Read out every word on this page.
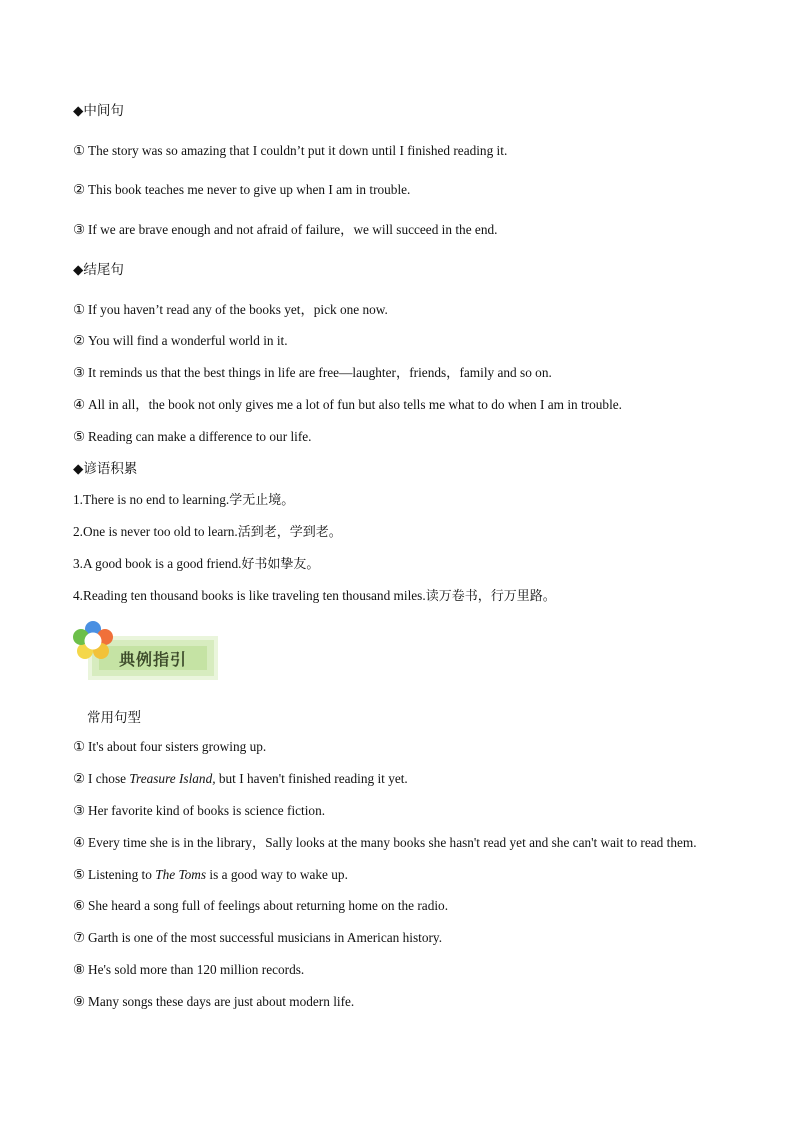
◆中间句
① The story was so amazing that I couldn’t put it down until I finished reading it.
② This book teaches me never to give up when I am in trouble.
③ If we are brave enough and not afraid of failure，we will succeed in the end.
◆结尾句
① If you haven’t read any of the books yet，pick one now.
② You will find a wonderful world in it.
③ It reminds us that the best things in life are free—laughter，friends，family and so on.
④ All in all，the book not only gives me a lot of fun but also tells me what to do when I am in trouble.
⑤ Reading can make a difference to our life.
◆谚语积累
1.There is no end to learning.学无止境。
2.One is never too old to learn.活到老，学到老。
3.A good book is a good friend.好书如挚友。
4.Reading ten thousand books is like traveling ten thousand miles.读万卷书，行万里路。
典例指引
常用句型
① It's about four sisters growing up.
② I chose Treasure Island, but I haven't finished reading it yet.
③ Her favorite kind of books is science fiction.
④ Every time she is in the library，Sally looks at the many books she hasn't read yet and she can't wait to read them.
⑤ Listening to The Toms is a good way to wake up.
⑥ She heard a song full of feelings about returning home on the radio.
⑦ Garth is one of the most successful musicians in American history.
⑧ He's sold more than 120 million records.
⑨ Many songs these days are just about modern life.
